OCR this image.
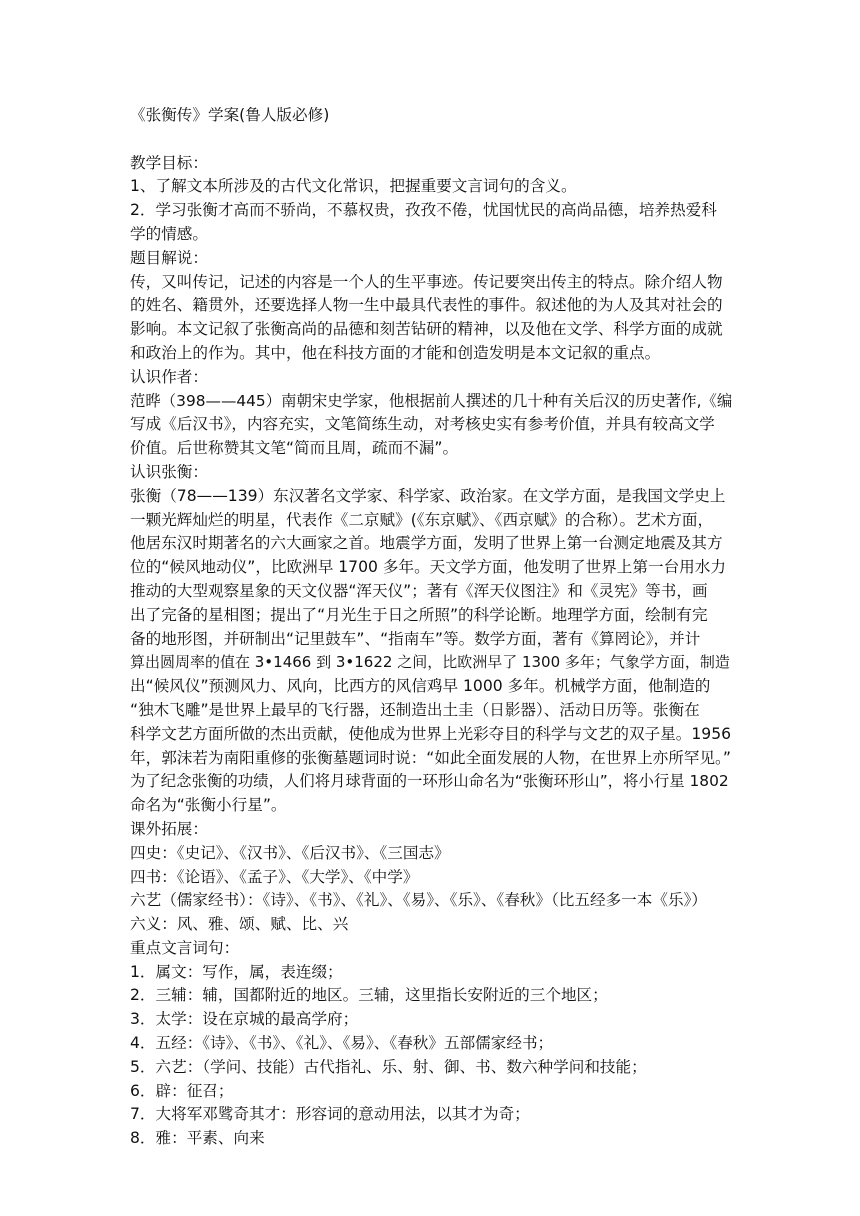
《张衡传》学案(鲁人版必修)

教学目标：

1、了解文本所涉及的古代文化常识，把握重要文言词句的含义。

2．学习张衡才高而不骄尚，不慕权贵，孜孜不倦，忧国忧民的高尚品德，培养热爱科

学的情感。

题目解说：

传，又叫传记，记述的内容是一个人的生平事迹。传记要突出传主的特点。除介绍人物

的姓名、籍贯外，还要选择人物一生中最具代表性的事件。叙述他的为人及其对社会的

影响。本文记叙了张衡高尚的品德和刻苦钻研的精神，以及他在文学、科学方面的成就

和政治上的作为。其中，他在科技方面的才能和创造发明是本文记叙的重点。

认识作者：

范晔（398——445）南朝宋史学家，他根据前人撰述的几十种有关后汉的历史著作,《编

写成《后汉书》，内容充实，文笔简练生动，对考核史实有参考价值，并具有较高文学

价值。后世称赞其文笔“简而且周，疏而不漏”。

认识张衡：

张衡（78——139）东汉著名文学家、科学家、政治家。在文学方面，是我国文学史上

一颗光辉灿烂的明星，代表作《二京赋》(《东京赋》、《西京赋》的合称）。艺术方面，

他居东汉时期著名的六大画家之首。地震学方面，发明了世界上第一台测定地震及其方

位的“候风地动仪”，比欧洲早 1700 多年。天文学方面，他发明了世界上第一台用水力

推动的大型观察星象的天文仪器“浑天仪”；著有《浑天仪图注》和《灵宪》等书，画

出了完备的星相图；提出了“月光生于日之所照”的科学论断。地理学方面，绘制有完

备的地形图，并研制出“记里鼓车”、“指南车”等。数学方面，著有《算罔论》，并计

算出圆周率的值在 3•1466 到 3•1622 之间，比欧洲早了 1300 多年；气象学方面，制造

出“候风仪”预测风力、风向，比西方的风信鸡早 1000 多年。机械学方面，他制造的

“独木飞雕”是世界上最早的飞行器，还制造出土圭（日影器）、活动日历等。张衡在

科学文艺方面所做的杰出贡献，使他成为世界上光彩夺目的科学与文艺的双子星。1956

年，郭沫若为南阳重修的张衡墓题词时说：“如此全面发展的人物，在世界上亦所罕见。”

为了纪念张衡的功绩，人们将月球背面的一环形山命名为“张衡环形山”，将小行星 1802

命名为“张衡小行星”。

课外拓展：

四史：《史记》、《汉书》、《后汉书》、《三国志》

四书：《论语》、《孟子》、《大学》、《中学》

六艺（儒家经书）：《诗》、《书》、《礼》、《易》、《乐》、《春秋》（比五经多一本《乐》）

六义：风、雅、颂、赋、比、兴

重点文言词句：

1．属文：写作，属，表连缀；

2．三辅：辅，国都附近的地区。三辅，这里指长安附近的三个地区；

3．太学：设在京城的最高学府；

4．五经：《诗》、《书》、《礼》、《易》、《春秋》五部儒家经书；

5．六艺：（学问、技能）古代指礼、乐、射、御、书、数六种学问和技能；

6．辟：征召；

7．大将军邓骘奇其才：形容词的意动用法，以其才为奇；

8．雅：平素、向来
